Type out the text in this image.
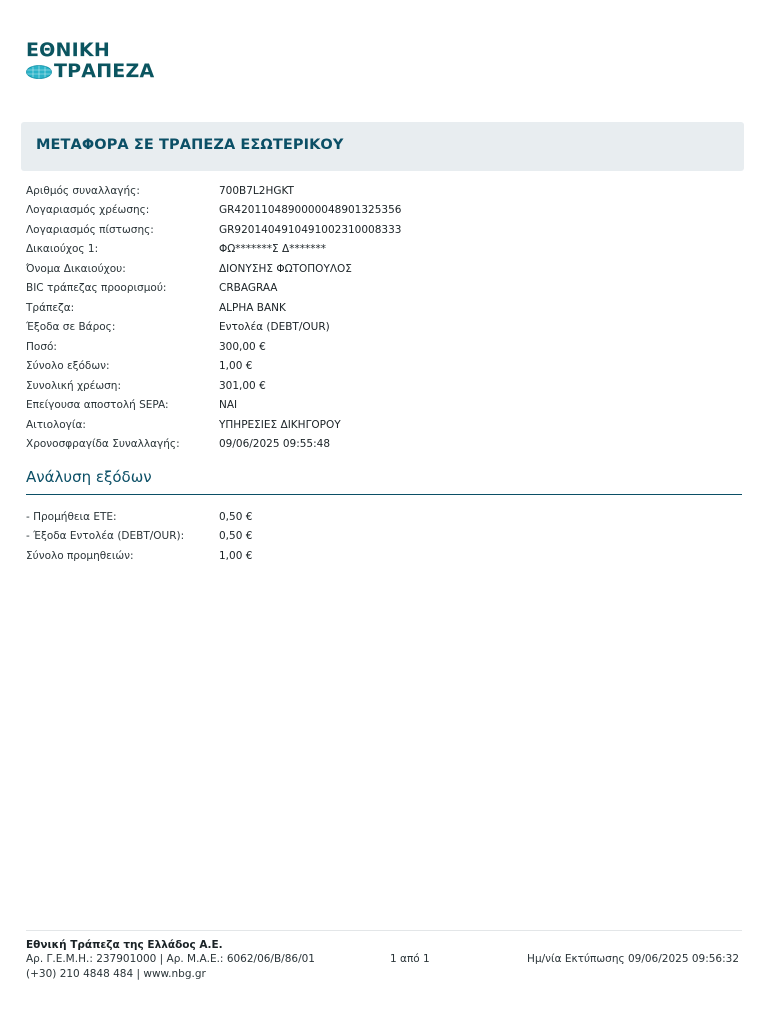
ΕΘΝΙΚΗ
ΤΡΑΠΕΖΑ
ΜΕΤΑΦΟΡΑ ΣΕ ΤΡΑΠΕΖΑ ΕΣΩΤΕΡΙΚΟΥ
Αριθμός συναλλαγής:	700B7L2HGKT
Λογαριασμός χρέωσης:	GR4201104890000048901325356
Λογαριασμός πίστωσης:	GR9201404910491002310008333
Δικαιούχος 1:	ΦΩ*******Σ Δ*******
Όνομα Δικαιούχου:	ΔΙΟΝΥΣΗΣ ΦΩΤΟΠΟΥΛΟΣ
BIC τράπεζας προορισμού:	CRBAGRAA
Τράπεζα:	ALPHA BANK
Έξοδα σε Βάρος:	Εντολέα (DEBT/OUR)
Ποσό:	300,00 €
Σύνολο εξόδων:	1,00 €
Συνολική χρέωση:	301,00 €
Επείγουσα αποστολή SEPA:	ΝΑΙ
Αιτιολογία:	ΥΠΗΡΕΣΙΕΣ ΔΙΚΗΓΟΡΟΥ
Χρονοσφραγίδα Συναλλαγής:	09/06/2025 09:55:48
Ανάλυση εξόδων
- Προμήθεια ΕΤΕ:	0,50 €
- Έξοδα Εντολέα (DEBT/OUR):	0,50 €
Σύνολο προμηθειών:	1,00 €
Εθνική Τράπεζα της Ελλάδος Α.Ε.
Αρ. Γ.Ε.Μ.Η.: 237901000 | Αρ. Μ.Α.Ε.: 6062/06/Β/86/01
(+30) 210 4848 484 | www.nbg.gr
1 από 1	Ημ/νία Εκτύπωσης 09/06/2025 09:56:32
